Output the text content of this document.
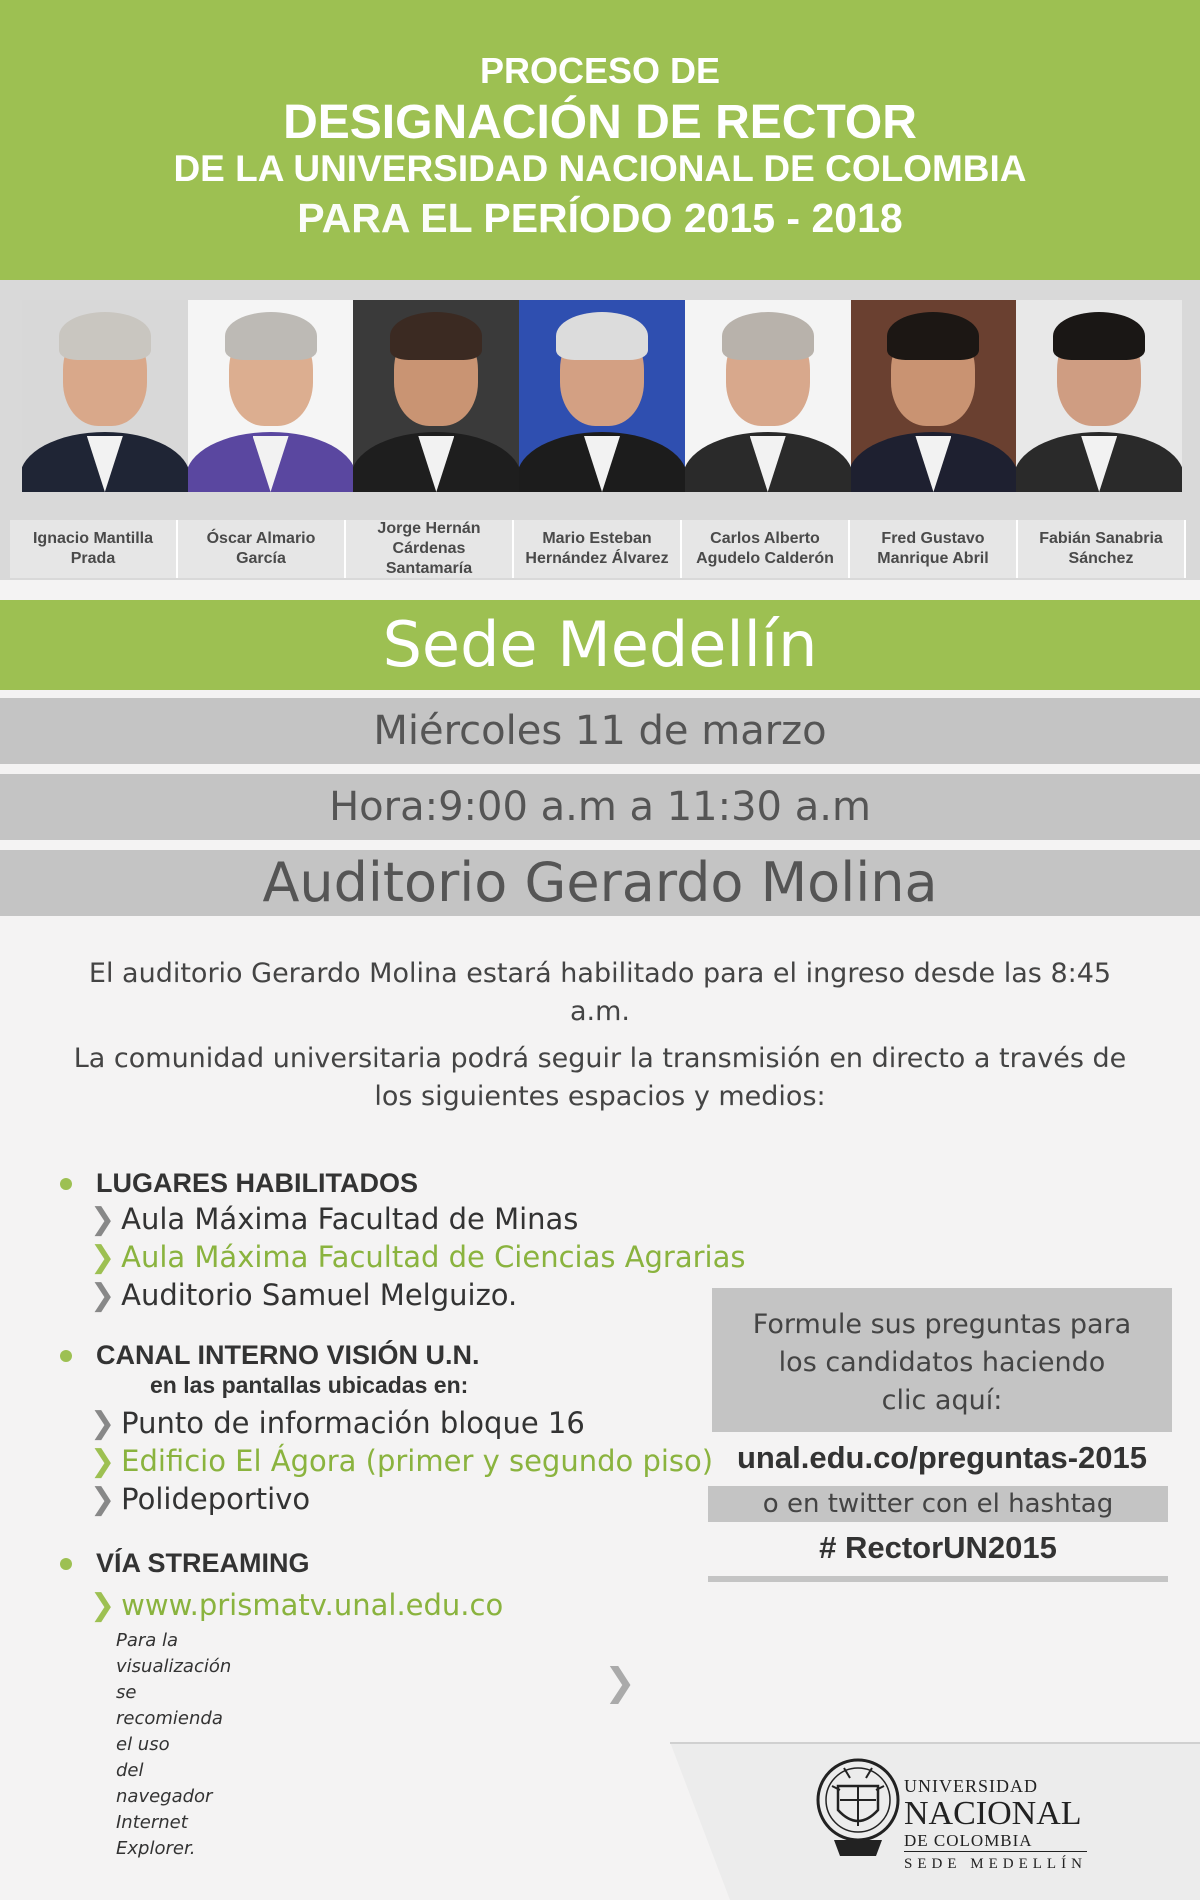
PROCESO DE
DESIGNACIÓN DE RECTOR
DE LA UNIVERSIDAD NACIONAL DE COLOMBIA
PARA EL PERÍODO 2015 - 2018
Ignacio Mantilla
Prada
Óscar Almario
García
Jorge Hernán
Cárdenas Santamaría
Mario Esteban
Hernández Álvarez
Carlos Alberto
Agudelo Calderón
Fred Gustavo
Manrique Abril
Fabián Sanabria
Sánchez
Sede Medellín
Miércoles 11 de marzo
Hora:9:00 a.m a 11:30 a.m
Auditorio Gerardo Molina
El auditorio Gerardo Molina estará habilitado para el ingreso desde las 8:45 a.m.
La comunidad universitaria podrá seguir la transmisión en directo a través de los siguientes espacios y medios:
LUGARES HABILITADOS
❯ Aula Máxima Facultad de Minas
❯ Aula Máxima Facultad de Ciencias Agrarias
❯ Auditorio Samuel Melguizo.
CANAL INTERNO VISIÓN U.N.
en las pantallas ubicadas en:
❯ Punto de información bloque 16
❯ Edificio El Ágora (primer y segundo piso)
❯ Polideportivo
VÍA STREAMING
❯ www.prismatv.unal.edu.co
Para la visualización se recomienda el uso
del navegador Internet Explorer.
Formule sus preguntas para
los candidatos haciendo
clic aquí:
unal.edu.co/preguntas-2015
o en twitter con el hashtag
# RectorUN2015
❯
UNIVERSIDAD
NACIONAL
DE COLOMBIA
SEDE MEDELLÍN
